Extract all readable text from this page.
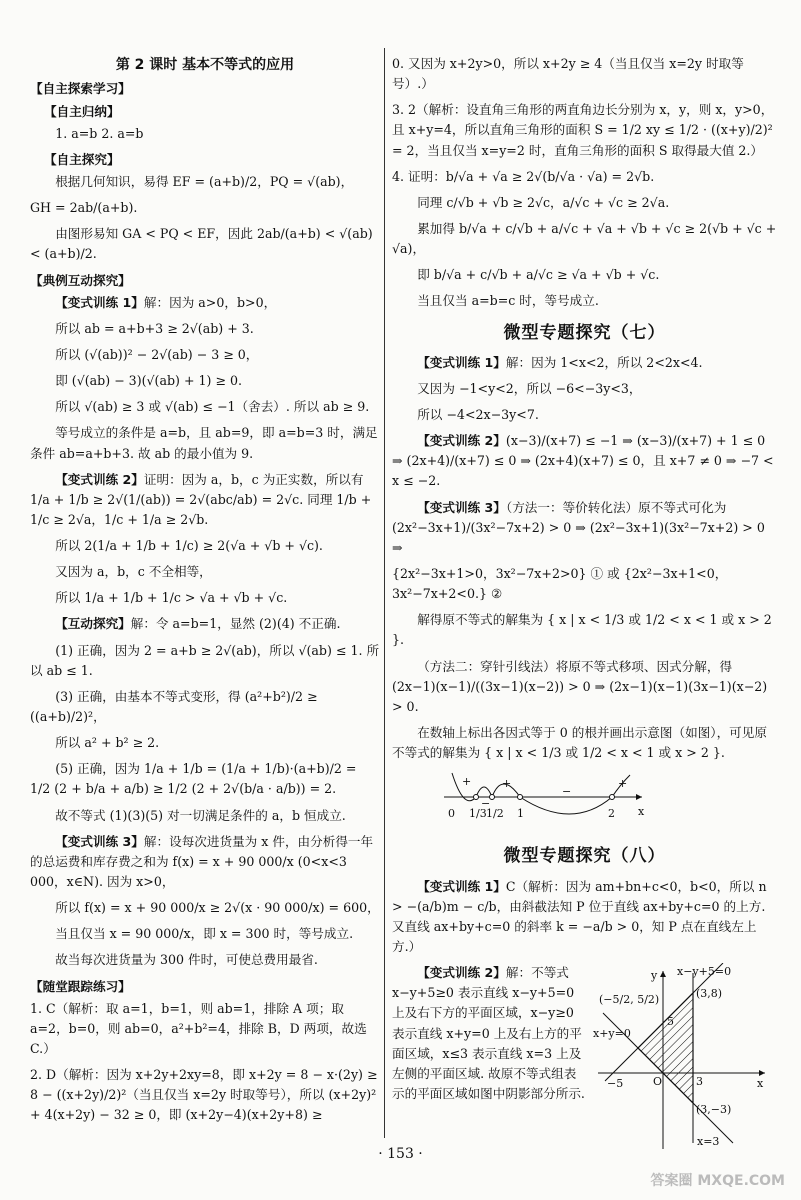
第 2 课时 基本不等式的应用
【自主探索学习】
【自主归纳】

1. a=b 2. a=b

【自主探究】

根据几何知识，易得 EF = (a+b)/2，PQ = √(ab)，

GH = 2ab/(a+b).

由图形易知 GA < PQ < EF，因此 2ab/(a+b) < √(ab) < (a+b)/2.

【典例互动探究】

【变式训练 1】解：因为 a>0，b>0，

所以 ab = a+b+3 ≥ 2√(ab) + 3.

所以 (√(ab))² − 2√(ab) − 3 ≥ 0，

即 (√(ab) − 3)(√(ab) + 1) ≥ 0.

所以 √(ab) ≥ 3 或 √(ab) ≤ −1（舍去）. 所以 ab ≥ 9.

等号成立的条件是 a=b，且 ab=9，即 a=b=3 时，满足条件 ab=a+b+3. 故 ab 的最小值为 9.

【变式训练 2】证明：因为 a，b，c 为正实数，所以有 1/a + 1/b ≥ 2√(1/(ab)) = 2√(abc/ab) = 2√c. 同理 1/b + 1/c ≥ 2√a，1/c + 1/a ≥ 2√b.

所以 2(1/a + 1/b + 1/c) ≥ 2(√a + √b + √c).

又因为 a，b，c 不全相等，

所以 1/a + 1/b + 1/c > √a + √b + √c.

【互动探究】解：令 a=b=1，显然 (2)(4) 不正确.

(1) 正确，因为 2 = a+b ≥ 2√(ab)，所以 √(ab) ≤ 1. 所以 ab ≤ 1.

(3) 正确，由基本不等式变形，得 (a²+b²)/2 ≥ ((a+b)/2)²，

所以 a² + b² ≥ 2.

(5) 正确，因为 1/a + 1/b = (1/a + 1/b)·(a+b)/2 = 1/2 (2 + b/a + a/b) ≥ 1/2 (2 + 2√(b/a · a/b)) = 2.

故不等式 (1)(3)(5) 对一切满足条件的 a，b 恒成立.

【变式训练 3】解：设每次进货量为 x 件，由分析得一年的总运费和库存费之和为 f(x) = x + 90 000/x (0<x<3 000，x∈N). 因为 x>0，

所以 f(x) = x + 90 000/x ≥ 2√(x · 90 000/x) = 600，

当且仅当 x = 90 000/x，即 x = 300 时，等号成立.

故当每次进货量为 300 件时，可使总费用最省.

【随堂跟踪练习】

1. C（解析：取 a=1，b=1，则 ab=1，排除 A 项；取 a=2，b=0，则 ab=0，a²+b²=4，排除 B，D 两项，故选 C.）

2. D（解析：因为 x+2y+2xy=8，即 x+2y = 8 − x·(2y) ≥ 8 − ((x+2y)/2)²（当且仅当 x=2y 时取等号），所以 (x+2y)² + 4(x+2y) − 32 ≥ 0，即 (x+2y−4)(x+2y+8) ≥

0. 又因为 x+2y>0，所以 x+2y ≥ 4（当且仅当 x=2y 时取等号）.）

3. 2（解析：设直角三角形的两直角边长分别为 x，y，则 x，y>0，且 x+y=4，所以直角三角形的面积 S = 1/2 xy ≤ 1/2 · ((x+y)/2)² = 2，当且仅当 x=y=2 时，直角三角形的面积 S 取得最大值 2.）

4. 证明：b/√a + √a ≥ 2√(b/√a · √a) = 2√b.

同理 c/√b + √b ≥ 2√c，a/√c + √c ≥ 2√a.

累加得 b/√a + c/√b + a/√c + √a + √b + √c ≥ 2(√b + √c + √a)，

即 b/√a + c/√b + a/√c ≥ √a + √b + √c.

当且仅当 a=b=c 时，等号成立.

微型专题探究（七）

【变式训练 1】解：因为 1<x<2，所以 2<2x<4.

又因为 −1<y<2，所以 −6<−3y<3，

所以 −4<2x−3y<7.

【变式训练 2】(x−3)/(x+7) ≤ −1 ⇒ (x−3)/(x+7) + 1 ≤ 0 ⇒ (2x+4)/(x+7) ≤ 0 ⇒ (2x+4)(x+7) ≤ 0，且 x+7 ≠ 0 ⇒ −7 < x ≤ −2.

【变式训练 3】（方法一：等价转化法）原不等式可化为 (2x²−3x+1)/(3x²−7x+2) > 0 ⇒ (2x²−3x+1)(3x²−7x+2) > 0 ⇒

{2x²−3x+1>0，3x²−7x+2>0} ① 或 {2x²−3x+1<0，3x²−7x+2<0.} ②

解得原不等式的解集为 { x | x < 1/3 或 1/2 < x < 1 或 x > 2 }.

（方法二：穿针引线法）将原不等式移项、因式分解，得 (2x−1)(x−1)/((3x−1)(x−2)) > 0 ⇒ (2x−1)(x−1)(3x−1)(x−2) > 0.

在数轴上标出各因式等于 0 的根并画出示意图（如图），可见原不等式的解集为 { x | x < 1/3 或 1/2 < x < 1 或 x > 2 }.

+
−
+
−
+
0 1/3 1/2 1	2 x
微型专题探究（八）

【变式训练 1】C（解析：因为 am+bn+c<0，b<0，所以 n > −(a/b)m − c/b，由斜截法知 P 位于直线 ax+by+c=0 的上方. 又直线 ax+by+c=0 的斜率 k = −a/b > 0，知 P 点在直线左上方.）

【变式训练 2】解：不等式 x−y+5≥0 表示直线 x−y+5=0 上及右下方的平面区域，x−y≥0 表示直线 x+y=0 上及右上方的平面区域，x≤3 表示直线 x=3 上及左侧的平面区域. 故原不等式组表示的平面区域如图中阴影部分所示.

x−y+5=0
x+y=0
x=3
(3,8)
(−5/2, 5/2)
(3,−3)
x
y
O
−5
5
3
· 153 ·
答案圈 MXQE.COM
